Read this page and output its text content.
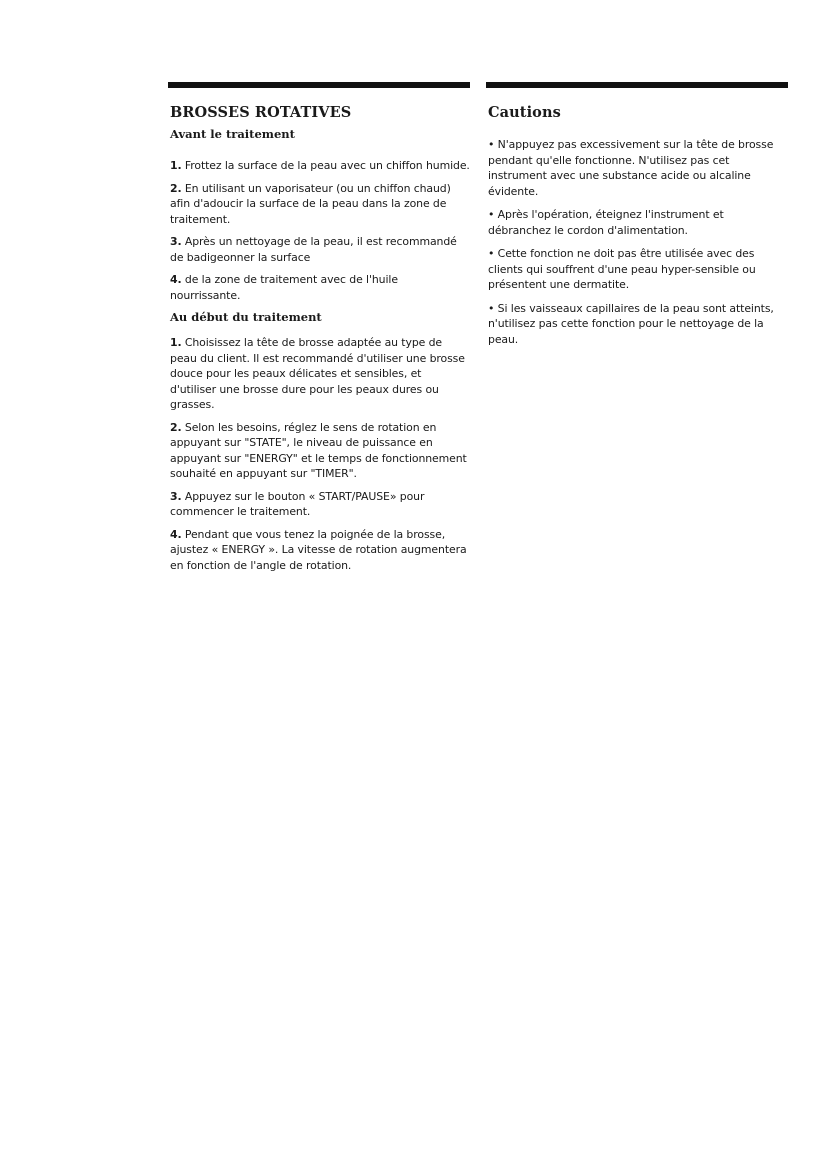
BROSSES ROTATIVES
Avant le traitement

1. Frottez la surface de la peau avec un chiffon humide.

2. En utilisant un vaporisateur (ou un chiffon chaud) afin d'adoucir la surface de la peau dans la zone de traitement.

3. Après un nettoyage de la peau, il est recommandé de badigeonner la surface

4. de la zone de traitement avec de l'huile nourrissante.

Au début du traitement

1. Choisissez la tête de brosse adaptée au type de peau du client. Il est recommandé d'utiliser une brosse douce pour les peaux délicates et sensibles, et d'utiliser une brosse dure pour les peaux dures ou grasses.

2. Selon les besoins, réglez le sens de rotation en appuyant sur "STATE", le niveau de puissance en appuyant sur "ENERGY" et le temps de fonctionnement souhaité en appuyant sur "TIMER".

3. Appuyez sur le bouton « START/PAUSE» pour commencer le traitement.

4. Pendant que vous tenez la poignée de la brosse, ajustez « ENERGY ». La vitesse de rotation augmentera en fonction de l'angle de rotation.

Cautions

• N'appuyez pas excessivement sur la tête de brosse pendant qu'elle fonctionne. N'utilisez pas cet instrument avec une substance acide ou alcaline évidente.

• Après l'opération, éteignez l'instrument et débranchez le cordon d'alimentation.

• Cette fonction ne doit pas être utilisée avec des clients qui souffrent d'une peau hyper-sensible ou présentent une dermatite.

• Si les vaisseaux capillaires de la peau sont atteints, n'utilisez pas cette fonction pour le nettoyage de la peau.
